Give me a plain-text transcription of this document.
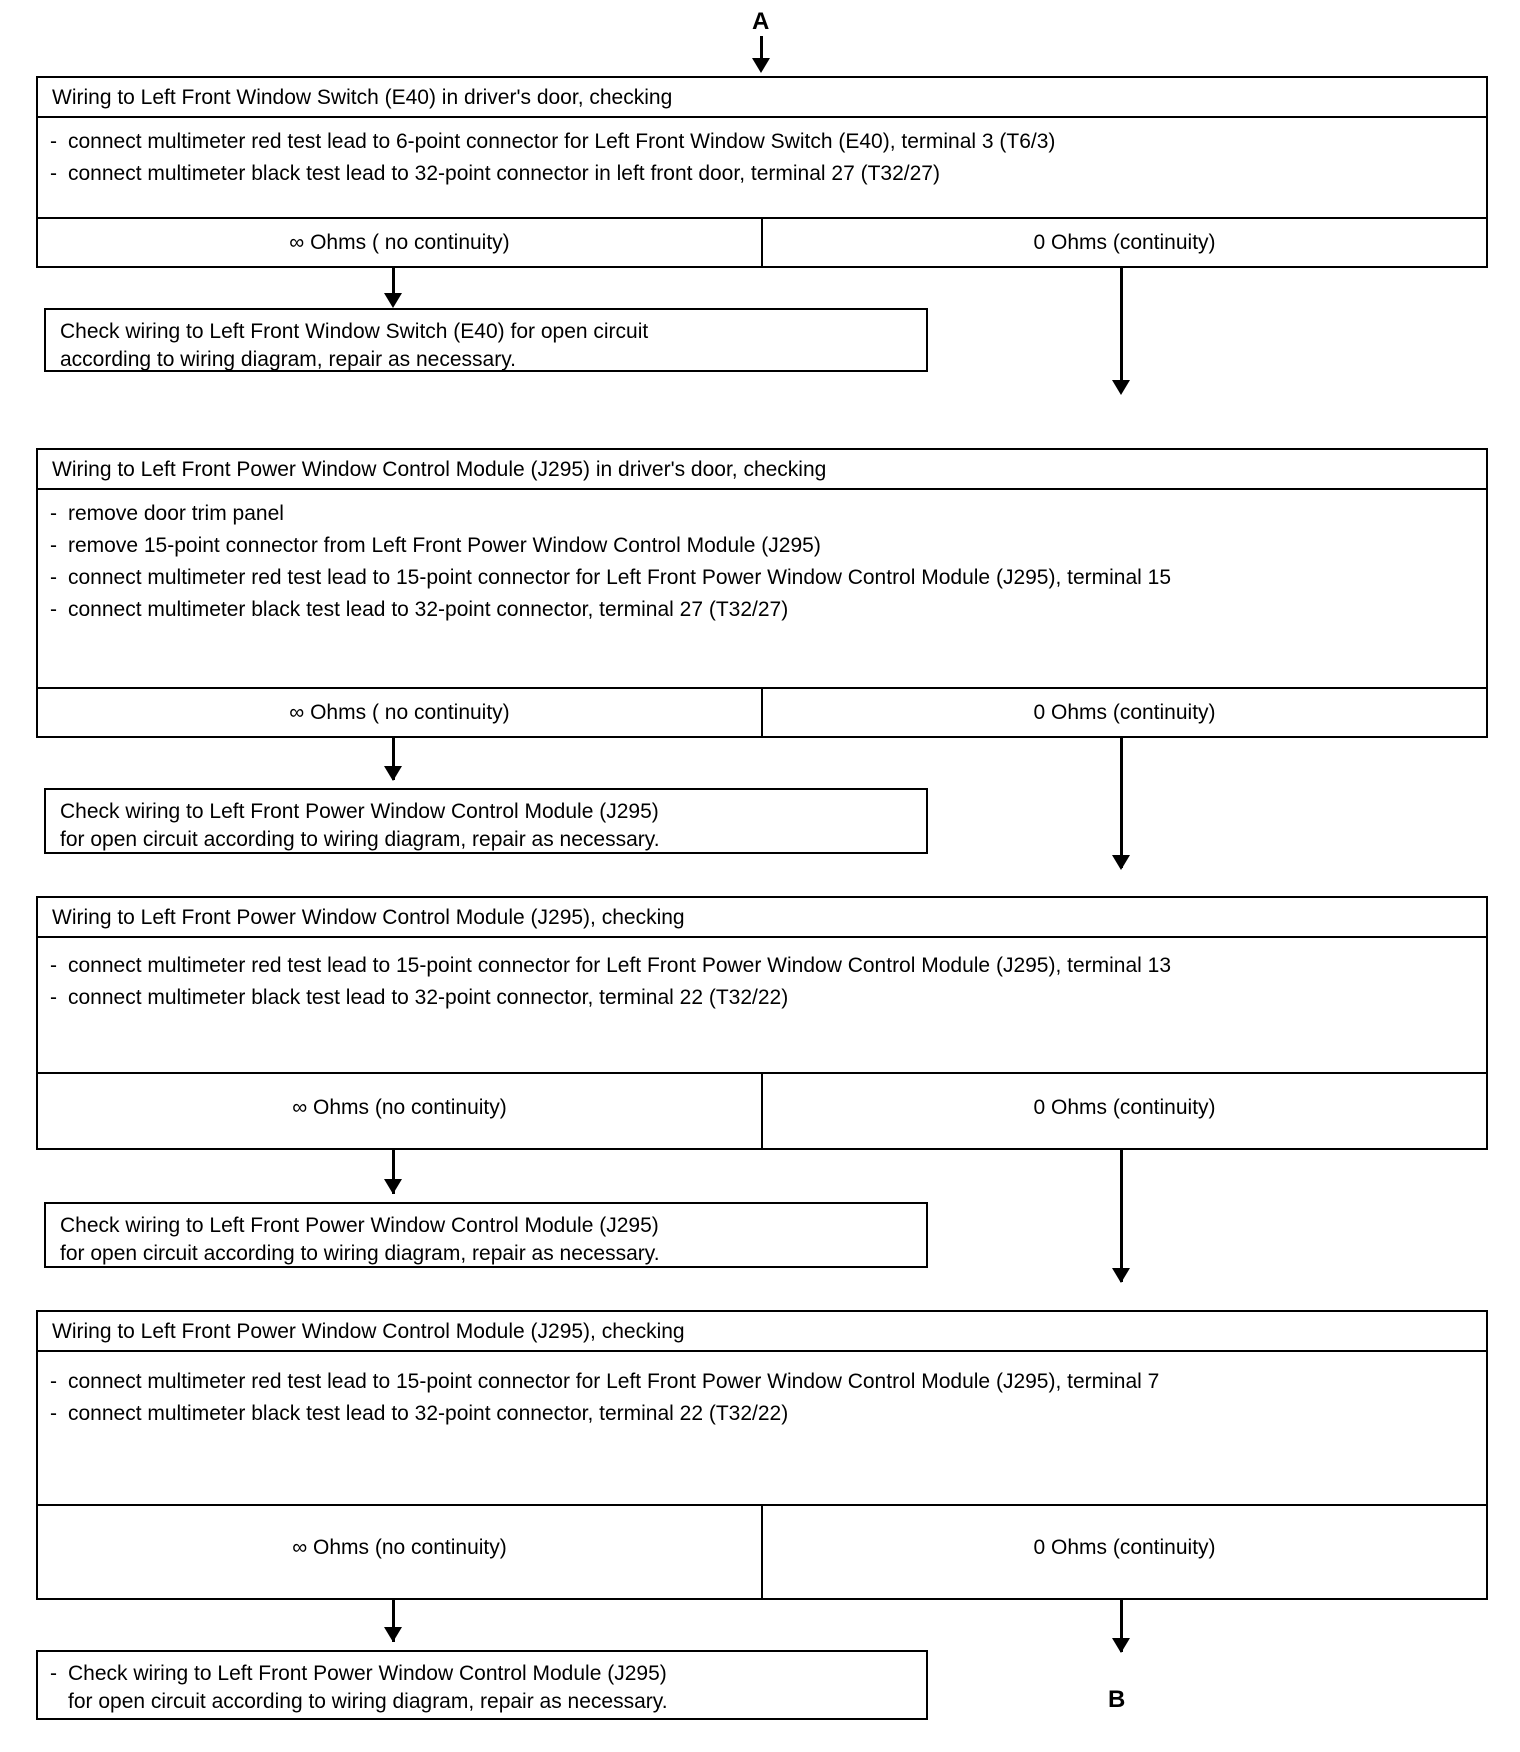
A
Wiring to Left Front Window Switch (E40) in driver's door, checking
- connect multimeter red test lead to 6-point connector for Left Front Window Switch (E40), terminal 3 (T6/3)
- connect multimeter black test lead to 32-point connector in left front door, terminal 27 (T32/27)
∞ Ohms ( no continuity)	0 Ohms (continuity)
Check wiring to Left Front Window Switch (E40) for open circuit
according to wiring diagram, repair as necessary.
Wiring to Left Front Power Window Control Module (J295) in driver's door, checking
- remove door trim panel
- remove 15-point connector from Left Front Power Window Control Module (J295)
- connect multimeter red test lead to 15-point connector for Left Front Power Window Control Module (J295), terminal 15
- connect multimeter black test lead to 32-point connector, terminal 27 (T32/27)
∞ Ohms ( no continuity)	0 Ohms (continuity)
Check wiring to Left Front Power Window Control Module (J295)
for open circuit according to wiring diagram, repair as necessary.
Wiring to Left Front Power Window Control Module (J295), checking
- connect multimeter red test lead to 15-point connector for Left Front Power Window Control Module (J295), terminal 13
- connect multimeter black test lead to 32-point connector, terminal 22 (T32/22)
∞ Ohms (no continuity)	0 Ohms (continuity)
Check wiring to Left Front Power Window Control Module (J295)
for open circuit according to wiring diagram, repair as necessary.
Wiring to Left Front Power Window Control Module (J295), checking
- connect multimeter red test lead to 15-point connector for Left Front Power Window Control Module (J295), terminal 7
- connect multimeter black test lead to 32-point connector, terminal 22 (T32/22)
∞ Ohms (no continuity)	0 Ohms (continuity)
B
- Check wiring to Left Front Power Window Control Module (J295)
for open circuit according to wiring diagram, repair as necessary.
